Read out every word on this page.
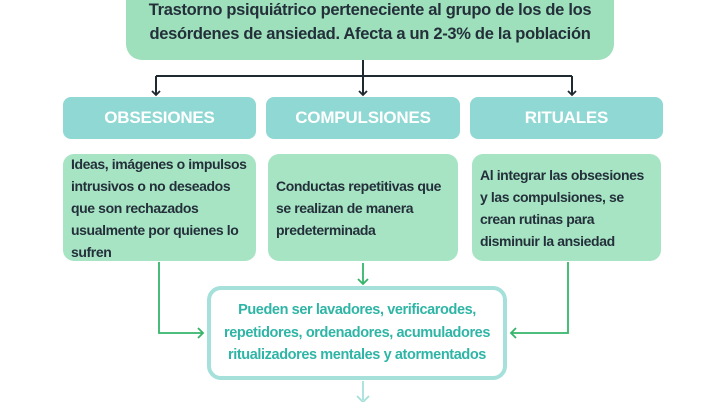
Trastorno psiquiátrico perteneciente al grupo de los de los desórdenes de ansiedad. Afecta a un 2-3% de la población
OBSESIONES	COMPULSIONES	RITUALES
Ideas, imágenes o impulsos intrusivos o no deseados que son rechazados usualmente por quienes lo sufren
Conductas repetitivas que se realizan de manera predeterminada
Al integrar las obsesiones y las compulsiones, se crean rutinas para disminuir la ansiedad
Pueden ser lavadores, verificarodes, repetidores, ordenadores, acumuladores ritualizadores mentales y atormentados
